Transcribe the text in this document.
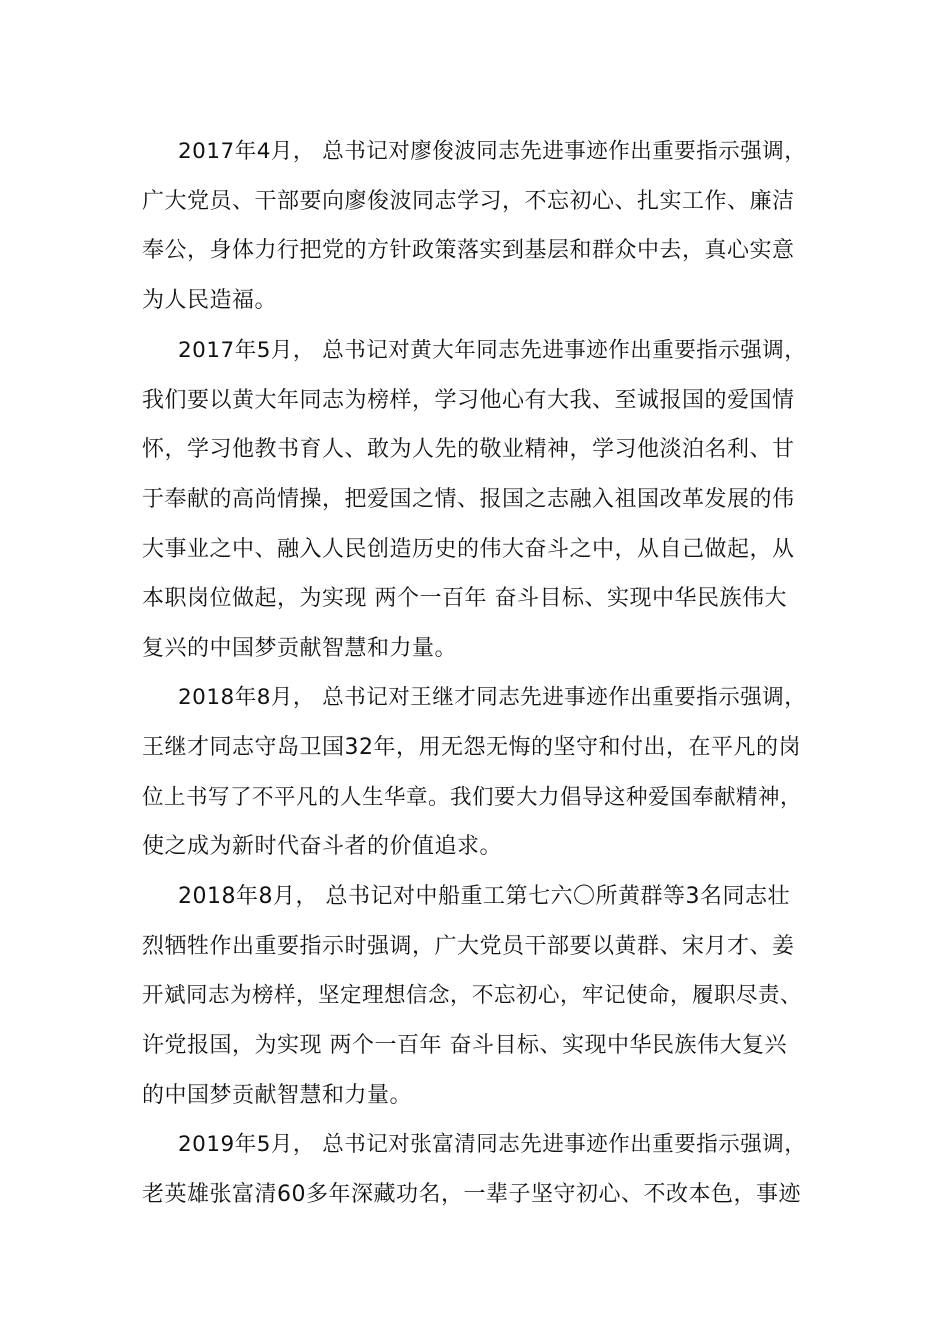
2017年4月， 总书记对廖俊波同志先进事迹作出重要指示强调，
广大党员、干部要向廖俊波同志学习，不忘初心、扎实工作、廉洁
奉公，身体力行把党的方针政策落实到基层和群众中去，真心实意
为人民造福。
2017年5月， 总书记对黄大年同志先进事迹作出重要指示强调，
我们要以黄大年同志为榜样，学习他心有大我、至诚报国的爱国情
怀，学习他教书育人、敢为人先的敬业精神，学习他淡泊名利、甘
于奉献的高尚情操，把爱国之情、报国之志融入祖国改革发展的伟
大事业之中、融入人民创造历史的伟大奋斗之中，从自己做起，从
本职岗位做起，为实现 两个一百年 奋斗目标、实现中华民族伟大
复兴的中国梦贡献智慧和力量。
2018年8月， 总书记对王继才同志先进事迹作出重要指示强调，
王继才同志守岛卫国32年，用无怨无悔的坚守和付出，在平凡的岗
位上书写了不平凡的人生华章。我们要大力倡导这种爱国奉献精神，
使之成为新时代奋斗者的价值追求。
2018年8月， 总书记对中船重工第七六〇所黄群等3名同志壮
烈牺牲作出重要指示时强调，广大党员干部要以黄群、宋月才、姜
开斌同志为榜样，坚定理想信念，不忘初心，牢记使命，履职尽责、
许党报国，为实现 两个一百年 奋斗目标、实现中华民族伟大复兴
的中国梦贡献智慧和力量。
2019年5月， 总书记对张富清同志先进事迹作出重要指示强调，
老英雄张富清60多年深藏功名，一辈子坚守初心、不改本色，事迹
